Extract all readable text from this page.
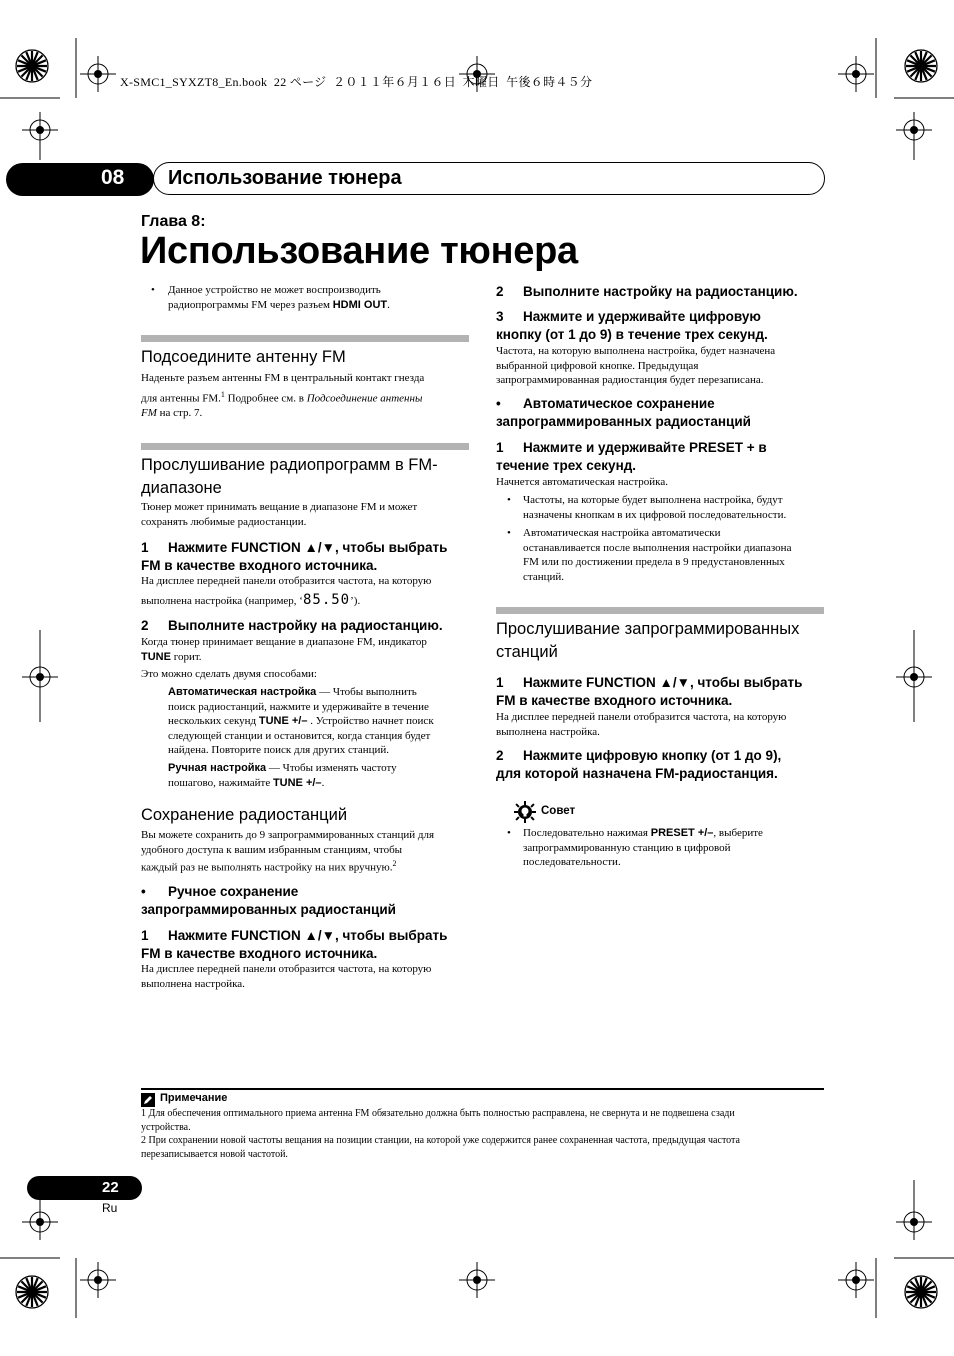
X-SMC1_SYXZT8_En.book  22 ページ  ２０１１年６月１６日  木曜日  午後６時４５分
08 Использование тюнера
Глава 8:
Использование тюнера
• Данное устройство не может воспроизводить
радиопрограммы FM через разъем HDMI OUT.
Подсоедините антенну FM
Наденьте разъем антенны FM в центральный контакт гнезда
для антенны FM.$^1$ Подробнее см. в Подсоединение антенны
FM на стр. 7.
Прослушивание радиопрограмм в FM-
диапазоне
Тюнер может принимать вещание в диапазоне FM и может
сохранять любимые радиостанции.
1 Нажмите FUNCTION ▲/▼, чтобы выбрать
FM в качестве входного источника.
На дисплее передней панели отобразится частота, на которую
выполнена настройка (например, ‘85.50’).
2 Выполните настройку на радиостанцию.
Когда тюнер принимает вещание в диапазоне FM, индикатор
TUNE горит.
Это можно сделать двумя способами:
Автоматическая настройка — Чтобы выполнить
поиск радиостанций, нажмите и удерживайте в течение
нескольких секунд TUNE +/– . Устройство начнет поиск
следующей станции и остановится, когда станция будет
найдена. Повторите поиск для других станций.
Ручная настройка — Чтобы изменять частоту
пошагово, нажимайте TUNE +/–.
Сохранение радиостанций
Вы можете сохранить до 9 запрограммированных станций для
удобного доступа к вашим избранным станциям, чтобы
каждый раз не выполнять настройку на них вручную.$^2$
• Ручное сохранение
запрограммированных радиостанций
1 Нажмите FUNCTION ▲/▼, чтобы выбрать
FM в качестве входного источника.
На дисплее передней панели отобразится частота, на которую
выполнена настройка.
2 Выполните настройку на радиостанцию.
3 Нажмите и удерживайте цифровую
кнопку (от 1 до 9) в течение трех секунд.
Частота, на которую выполнена настройка, будет назначена
выбранной цифровой кнопке. Предыдущая
запрограммированная радиостанция будет перезаписана.
• Автоматическое сохранение
запрограммированных радиостанций
1 Нажмите и удерживайте PRESET + в
течение трех секунд.
Начнется автоматическая настройка.
• Частоты, на которые будет выполнена настройка, будут
назначены кнопкам в их цифровой последовательности.
• Автоматическая настройка автоматически
останавливается после выполнения настройки диапазона
FM или по достижении предела в 9 предустановленных
станций.
Прослушивание запрограммированных
станций
1 Нажмите FUNCTION ▲/▼, чтобы выбрать
FM в качестве входного источника.
На дисплее передней панели отобразится частота, на которую
выполнена настройка.
2 Нажмите цифровую кнопку (от 1 до 9),
для которой назначена FM-радиостанция.
Совет
• Последовательно нажимая PRESET +/–, выберите
запрограммированную станцию в цифровой
последовательности.
Примечание
1 Для обеспечения оптимального приема антенна FM обязательно должна быть полностью расправлена, не свернута и не подвешена сзади
устройства.
2 При сохранении новой частоты вещания на позиции станции, на которой уже содержится ранее сохраненная частота, предыдущая частота
перезаписывается новой частотой.
22
Ru
